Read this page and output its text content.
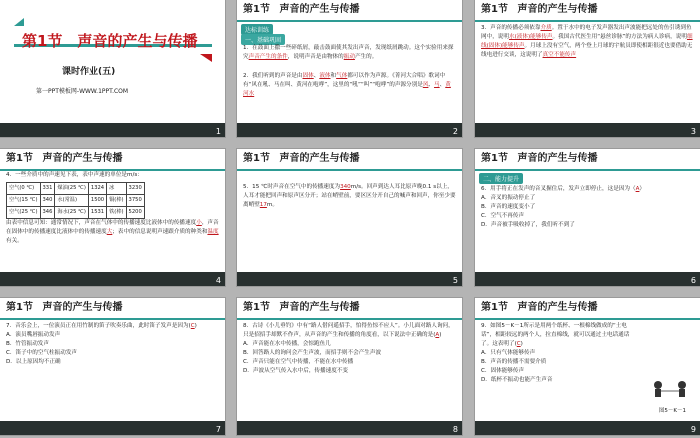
第1节　声音的产生与传播
课时作业(五)
第一PPT模板网-WWW.1PPT.COM
1
第1节 声音的产生与传播
达标训练
一、基础巩固
1．在鼓面上撒一些碎纸屑，敲击鼓面使其发出声音，发现纸屑跳动。这个实验用来探究声音产生的条件，说明声音是由物体的振动产生的。
2．我们听到的声音是由固体、液体和气体都可以作为声源。《菁河大合唱》歌词中有“风在吼、马在叫、黄河在咆哮”，这里的“吼”“叫”“咆哮”的声源分别是风、马、黄河水
2
第1节 声音的产生与传播
3．声音的传播必须依靠介质。置于水中的电子发声器发出声波能把远处的鱼引诱到鱼网中，说明水(液体)能够传声。我国古代医生用“悬丝诊脉”的方法为病人诊病，说明细线(固体)能够传声。月球上没有空气，两个登上月球的宇航员即使相距很近也要借助无线电进行交谈，这说明了真空不能传声
3
第1节 声音的产生与传播
4．一些介质中的声速见下表，表中声速的单位是m/s：
空气(0 ℃)	331	煤油(25 ℃)	1324	冰	3230
空气(15 ℃)	340	水(常温)	1500	铜(棒)	3750
空气(25 ℃)	346	海水(25 ℃)	1531	铁(棒)	5200
由表中信息可知：通常情况下，声音在气体中的传播速度比液体中的传播速度小，声音在固体中的传播速度比液体中的传播速度大；表中的信息说明声速跟介质的种类和温度有关。
4
第1节 声音的产生与传播
5．15 ℃时声音在空气中的传播速度为340m/s。回声到达人耳比原声晚0.1 s以上，人耳才能把回声和原声区分开；站在峭壁前，要区区分开自己的喊声和回声，你至少要离峭壁17m。
5
第1节 声音的产生与传播
二、能力提升
6．用手将正在发声的音叉握住后，发声立即停止，这是因为（A）
A．音叉的振动停止了
B．声音的速度变小了
C．空气不再传声
D．声音被手吸收掉了，我们听不到了
6
第1节 声音的产生与传播
7．音乐会上，一位演员正在用竹制的笛子吹奏乐曲，此时笛子发声是因为(C)
A．演员嘴唇振动发声
B．竹管振动发声
C．笛子中的空气柱振动发声
D．以上原因均不正确
7
第1节 声音的产生与传播
8．古诗《小儿垂钓》中有“路人借问遥招手，怕得鱼惊不应人”。小儿面对路人询问，只是招招手却默不作声，从声音的产生和传播的角度看，以下说法中正确的是(A)
A．声音能在水中传播，会惊跑鱼儿
B．回答路人的询问会产生声波，而招手则不会产生声波
C．声音只能在空气中传播，不能在水中传播
D．声波从空气传入水中后，传播速度不变
8
第1节 声音的产生与传播
9．如图5－K－1所示是用两个纸杯、一根棉线做成的“土电话”，相距较远的两个人，拉直棉线，就可以通过土电话通话了。这表明了(C)
A．只有气体能够传声
B．声音的传播不需要介质
C．固体能够传声
D．纸杯不振动也能产生声音
图5－K－1
9
